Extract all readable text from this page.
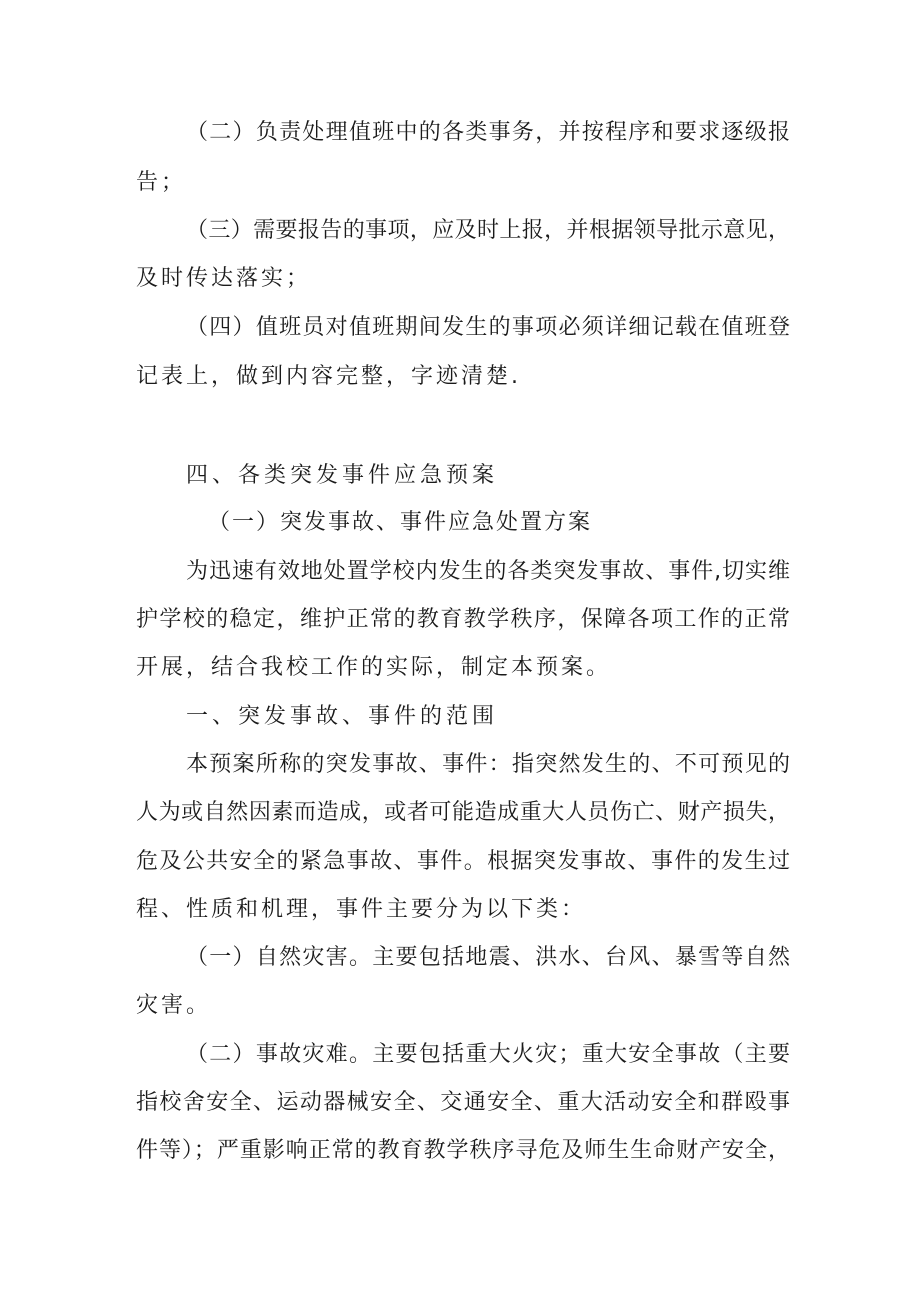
（二）负责处理值班中的各类事务，并按程序和要求逐级报
告；
（三）需要报告的事项，应及时上报，并根据领导批示意见，
及时传达落实；
（四）值班员对值班期间发生的事项必须详细记载在值班登
记表上，做到内容完整，字迹清楚.
四、各类突发事件应急预案
（一）突发事故、事件应急处置方案
为迅速有效地处置学校内发生的各类突发事故、事件,切实维
护学校的稳定，维护正常的教育教学秩序，保障各项工作的正常
开展，结合我校工作的实际，制定本预案。
一、突发事故、事件的范围
本预案所称的突发事故、事件：指突然发生的、不可预见的
人为或自然因素而造成，或者可能造成重大人员伤亡、财产损失，
危及公共安全的紧急事故、事件。根据突发事故、事件的发生过
程、性质和机理，事件主要分为以下类：
（一）自然灾害。主要包括地震、洪水、台风、暴雪等自然
灾害。
（二）事故灾难。主要包括重大火灾；重大安全事故（主要
指校舍安全、运动器械安全、交通安全、重大活动安全和群殴事
件等）；严重影响正常的教育教学秩序寻危及师生生命财产安全，
